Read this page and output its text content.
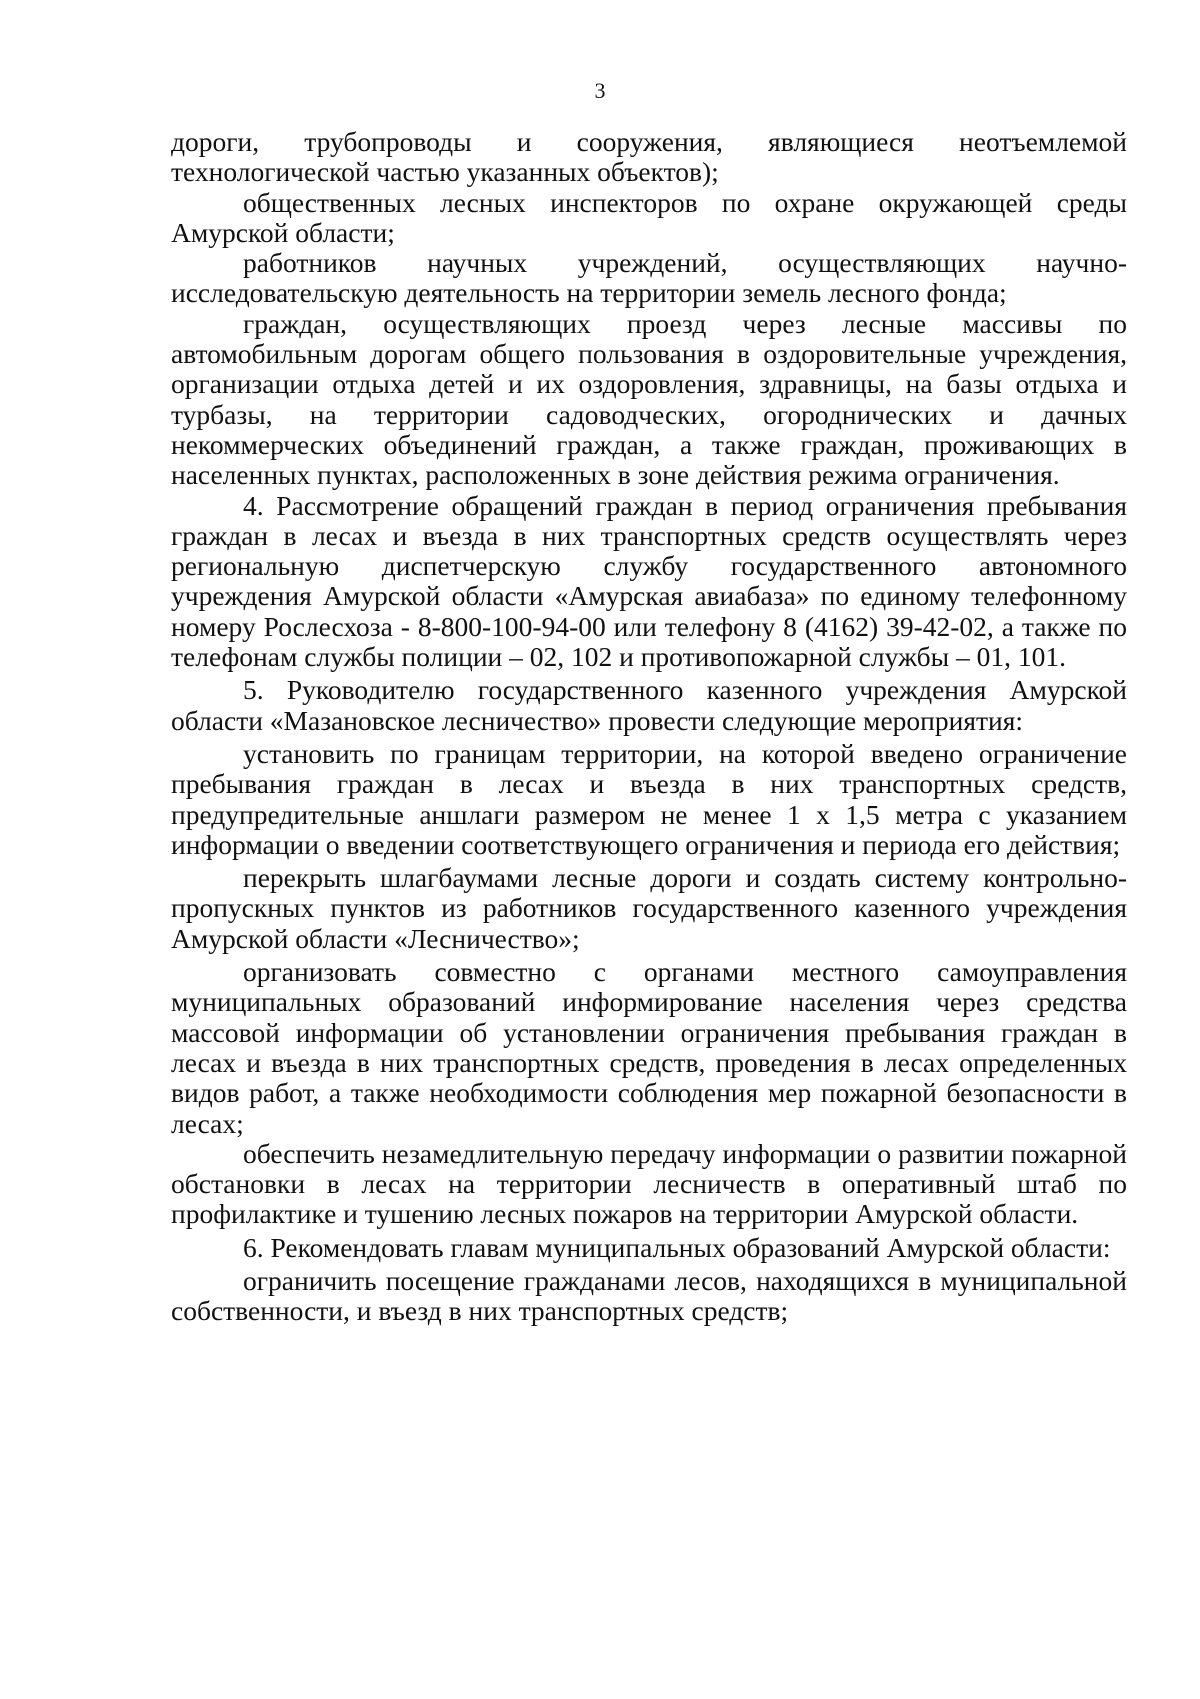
3

дороги, трубопроводы и сооружения, являющиеся неотъемлемой технологической частью указанных объектов);

общественных лесных инспекторов по охране окружающей среды Амурской области;

работников научных учреждений, осуществляющих научно-исследовательскую деятельность на территории земель лесного фонда;

граждан, осуществляющих проезд через лесные массивы по автомобильным дорогам общего пользования в оздоровительные учреждения, организации отдыха детей и их оздоровления, здравницы, на базы отдыха и турбазы, на территории садоводческих, огороднических и дачных некоммерческих объединений граждан, а также граждан, проживающих в населенных пунктах, расположенных в зоне действия режима ограничения.

4. Рассмотрение обращений граждан в период ограничения пребывания граждан в лесах и въезда в них транспортных средств осуществлять через региональную диспетчерскую службу государственного автономного учреждения Амурской области «Амурская авиабаза» по единому телефонному номеру Рослесхоза - 8-800-100-94-00 или телефону 8 (4162) 39-42-02, а также по телефонам службы полиции – 02, 102 и противопожарной службы – 01, 101.

5. Руководителю государственного казенного учреждения Амурской области «Мазановское лесничество» провести следующие мероприятия:

установить по границам территории, на которой введено ограничение пребывания граждан в лесах и въезда в них транспортных средств, предупредительные аншлаги размером не менее 1 х 1,5 метра с указанием информации о введении соответствующего ограничения и периода его действия;

перекрыть шлагбаумами лесные дороги и создать систему контрольно-пропускных пунктов из работников государственного казенного учреждения Амурской области «Лесничество»;

организовать совместно с органами местного самоуправления муниципальных образований информирование населения через средства массовой информации об установлении ограничения пребывания граждан в лесах и въезда в них транспортных средств, проведения в лесах определенных видов работ, а также необходимости соблюдения мер пожарной безопасности в лесах;

обеспечить незамедлительную передачу информации о развитии пожарной обстановки в лесах на территории лесничеств в оперативный штаб по профилактике и тушению лесных пожаров на территории Амурской области.

6. Рекомендовать главам муниципальных образований Амурской области:

ограничить посещение гражданами лесов, находящихся в муниципальной собственности, и въезд в них транспортных средств;
